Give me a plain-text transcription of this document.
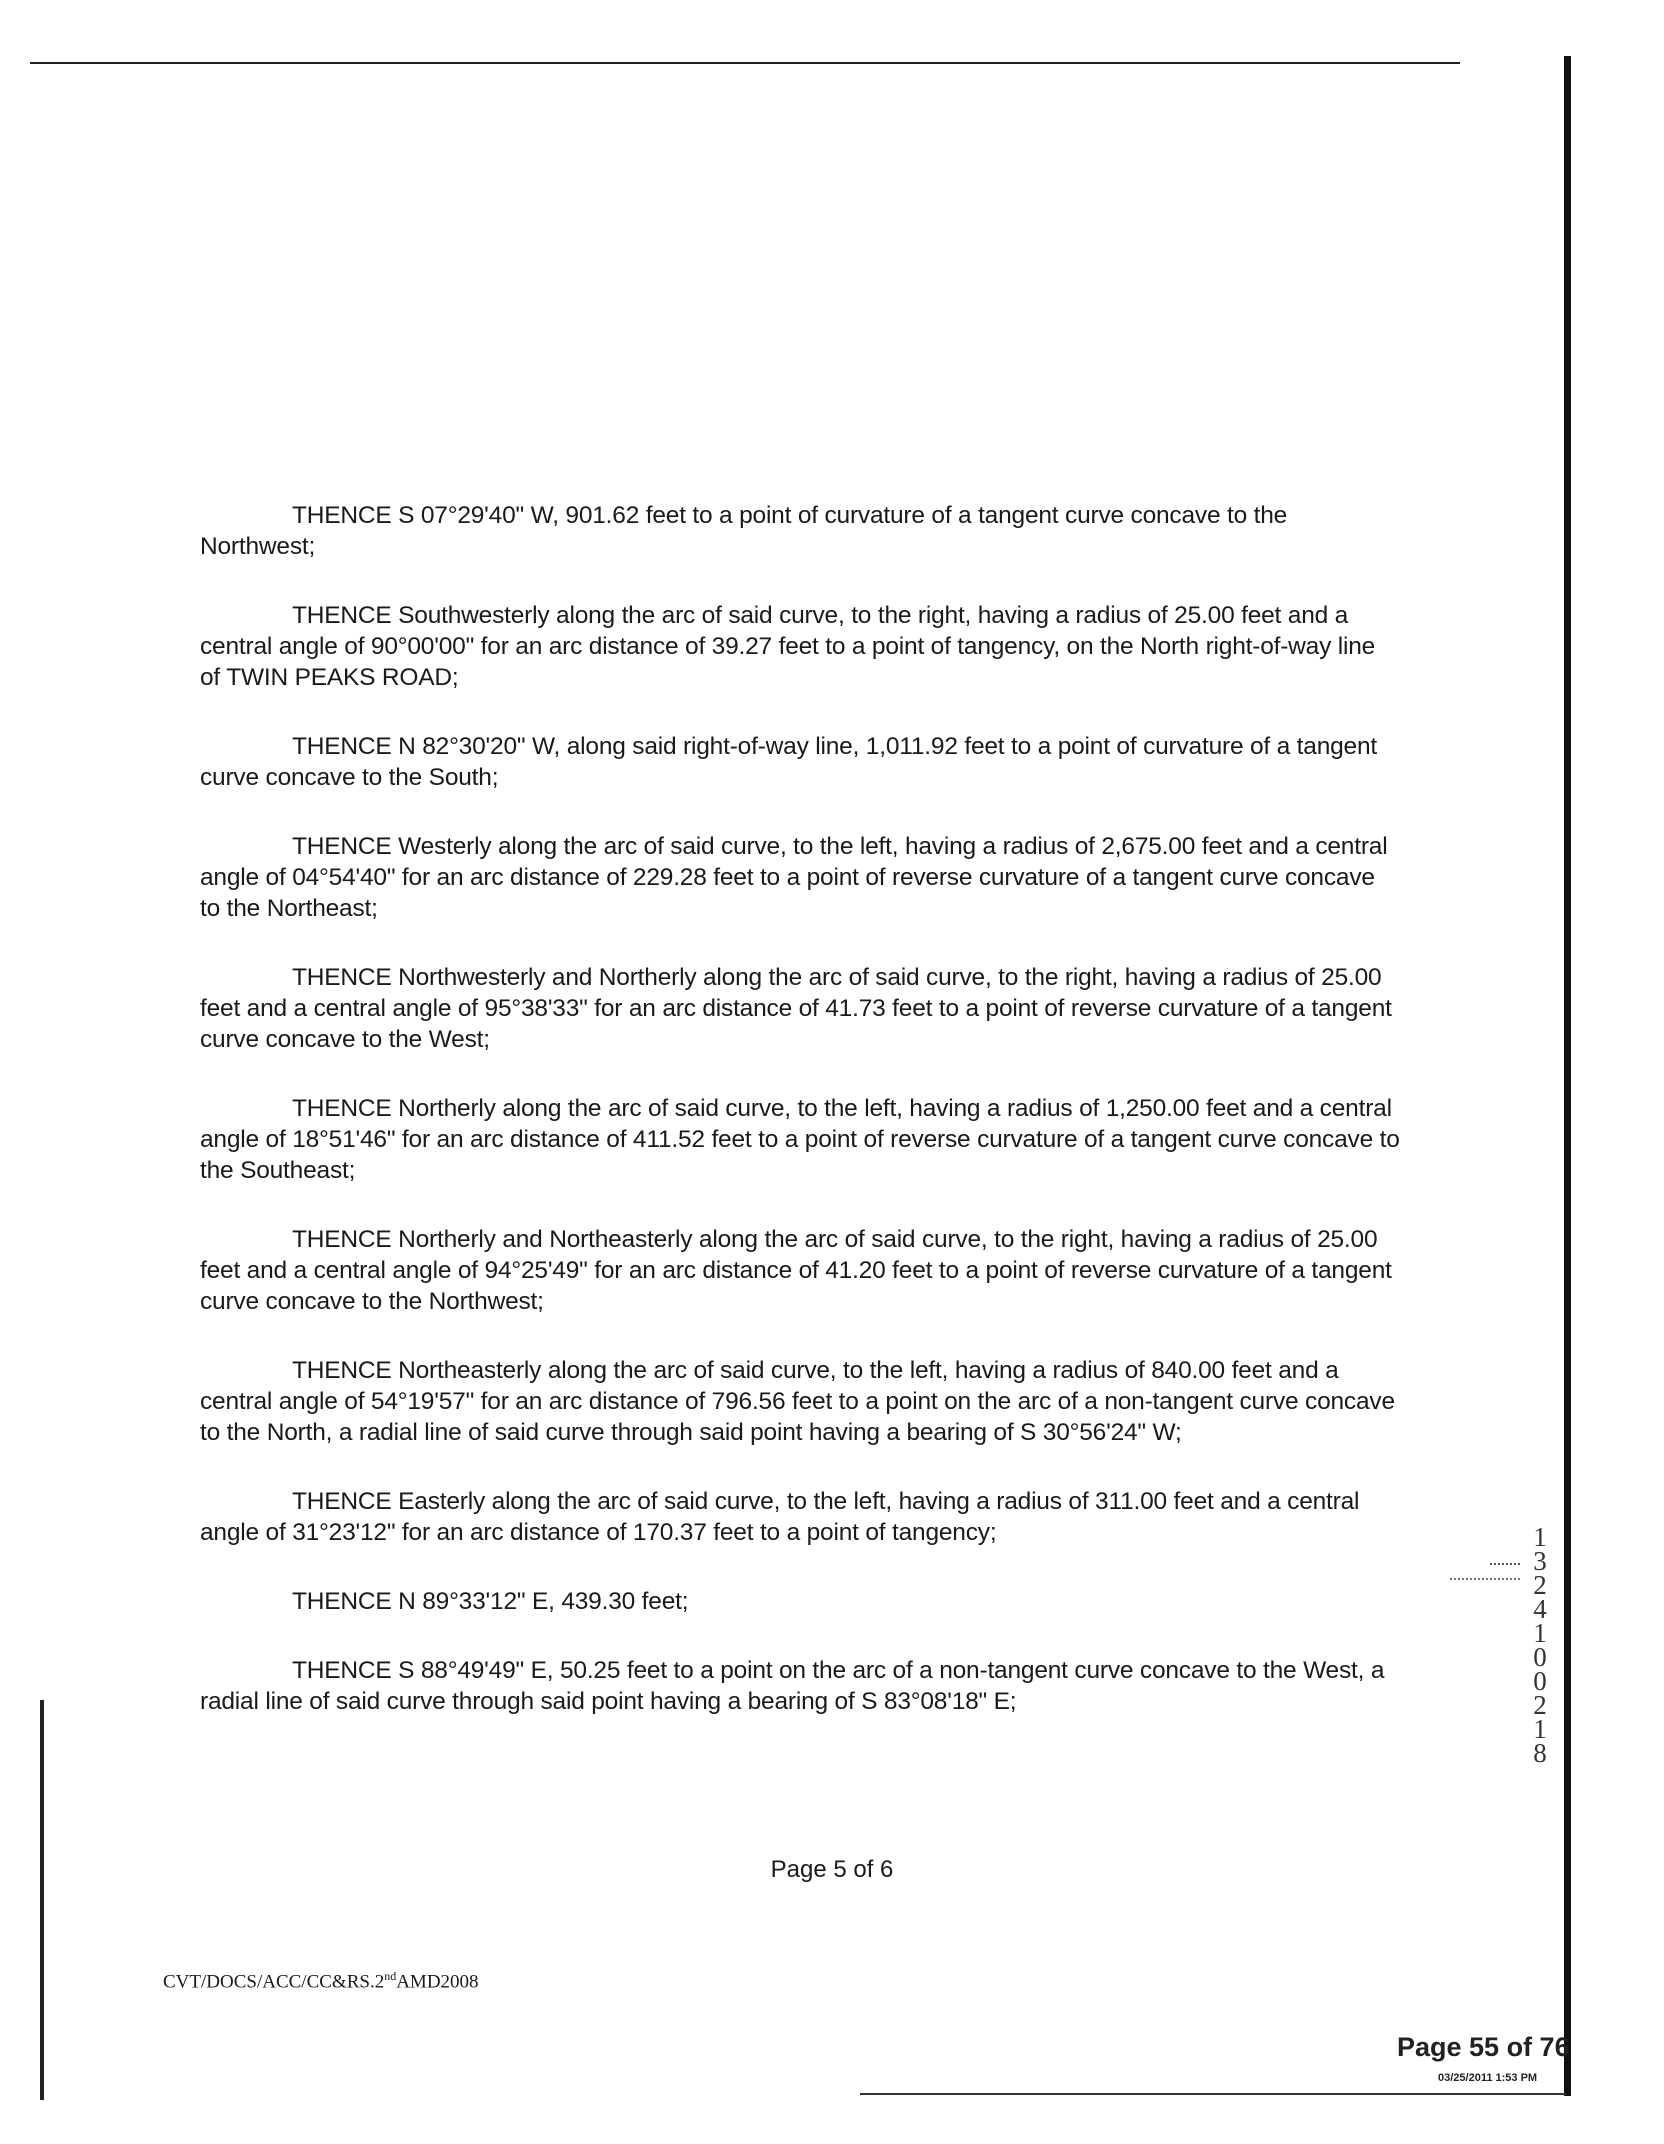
THENCE S 07°29'40" W, 901.62 feet to a point of curvature of a tangent curve concave to the Northwest;

THENCE Southwesterly along the arc of said curve, to the right, having a radius of 25.00 feet and a central angle of 90°00'00" for an arc distance of 39.27 feet to a point of tangency, on the North right-of-way line of TWIN PEAKS ROAD;

THENCE N 82°30'20" W, along said right-of-way line, 1,011.92 feet to a point of curvature of a tangent curve concave to the South;

THENCE Westerly along the arc of said curve, to the left, having a radius of 2,675.00 feet and a central angle of 04°54'40" for an arc distance of 229.28 feet to a point of reverse curvature of a tangent curve concave to the Northeast;

THENCE Northwesterly and Northerly along the arc of said curve, to the right, having a radius of 25.00 feet and a central angle of 95°38'33" for an arc distance of 41.73 feet to a point of reverse curvature of a tangent curve concave to the West;

THENCE Northerly along the arc of said curve, to the left, having a radius of 1,250.00 feet and a central angle of 18°51'46" for an arc distance of 411.52 feet to a point of reverse curvature of a tangent curve concave to the Southeast;

THENCE Northerly and Northeasterly along the arc of said curve, to the right, having a radius of 25.00 feet and a central angle of 94°25'49" for an arc distance of 41.20 feet to a point of reverse curvature of a tangent curve concave to the Northwest;

THENCE Northeasterly along the arc of said curve, to the left, having a radius of 840.00 feet and a central angle of 54°19'57" for an arc distance of 796.56 feet to a point on the arc of a non-tangent curve concave to the North, a radial line of said curve through said point having a bearing of S 30°56'24" W;

THENCE Easterly along the arc of said curve, to the left, having a radius of 311.00 feet and a central angle of 31°23'12" for an arc distance of 170.37 feet to a point of tangency;

THENCE N 89°33'12" E, 439.30 feet;

THENCE S 88°49'49" E, 50.25 feet to a point on the arc of a non-tangent curve concave to the West, a radial line of said curve through said point having a bearing of S 83°08'18" E;

Page 5 of 6
CVT/DOCS/ACC/CC&RS.2ndAMD2008
1324100218
Page 55 of 76
03/25/2011 1:53 PM
